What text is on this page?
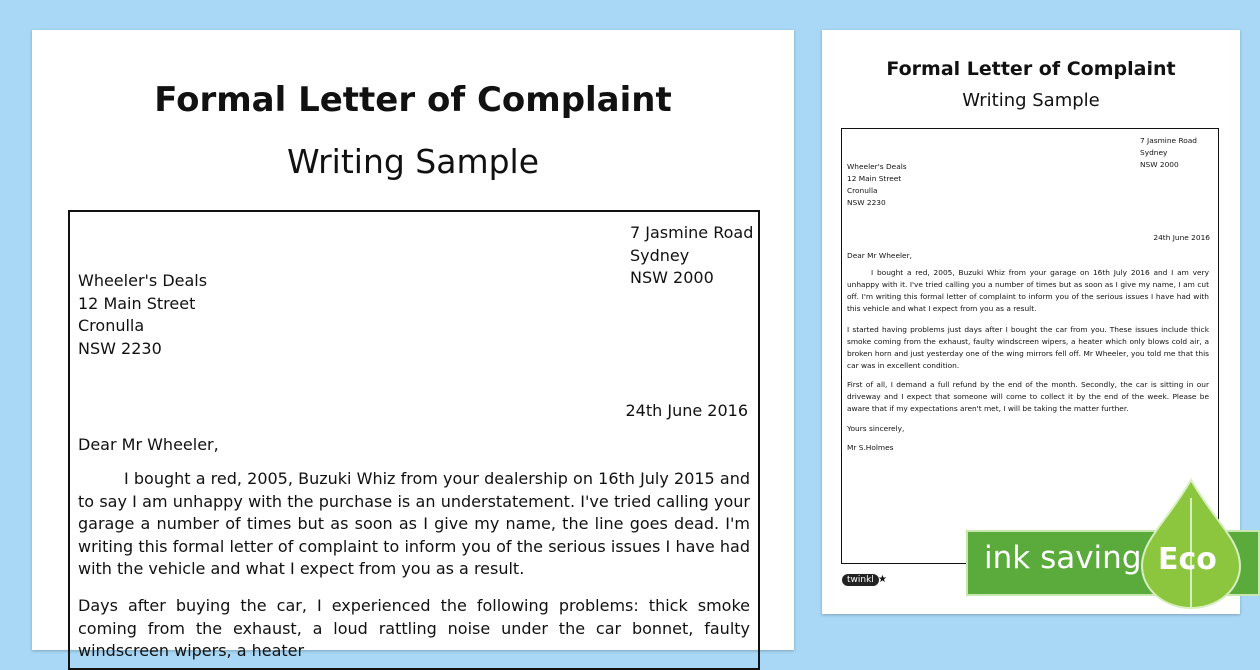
Formal Letter of Complaint
Writing Sample
7 Jasmine Road
Sydney
NSW 2000
Wheeler's Deals
12 Main Street
Cronulla
NSW 2230
24th June 2016
Dear Mr Wheeler,
I bought a red, 2005, Buzuki Whiz from your dealership on 16th July 2015 and to say I am unhappy with the purchase is an understatement. I've tried calling your garage a number of times but as soon as I give my name, the line goes dead. I'm writing this formal letter of complaint to inform you of the serious issues I have had with the vehicle and what I expect from you as a result.
Days after buying the car, I experienced the following problems: thick smoke coming from the exhaust, a loud rattling noise under the car bonnet, faulty windscreen wipers, a heater
Formal Letter of Complaint
Writing Sample
7 Jasmine Road
Sydney
NSW 2000
Wheeler's Deals
12 Main Street
Cronulla
NSW 2230
24th June 2016
Dear Mr Wheeler,
I bought a red, 2005, Buzuki Whiz from your garage on 16th July 2016 and I am very unhappy with it. I've tried calling you a number of times but as soon as I give my name, I am cut off. I'm writing this formal letter of complaint to inform you of the serious issues I have had with this vehicle and what I expect from you as a result.
I started having problems just days after I bought the car from you. These issues include thick smoke coming from the exhaust, faulty windscreen wipers, a heater which only blows cold air, a broken horn and just yesterday one of the wing mirrors fell off. Mr Wheeler, you told me that this car was in excellent condition.
First of all, I demand a full refund by the end of the month. Secondly, the car is sitting in our driveway and I expect that someone will come to collect it by the end of the week. Please be aware that if my expectations aren't met, I will be taking the matter further.
Yours sincerely,
Mr S.Holmes
twinkl ★
ink saving Eco
